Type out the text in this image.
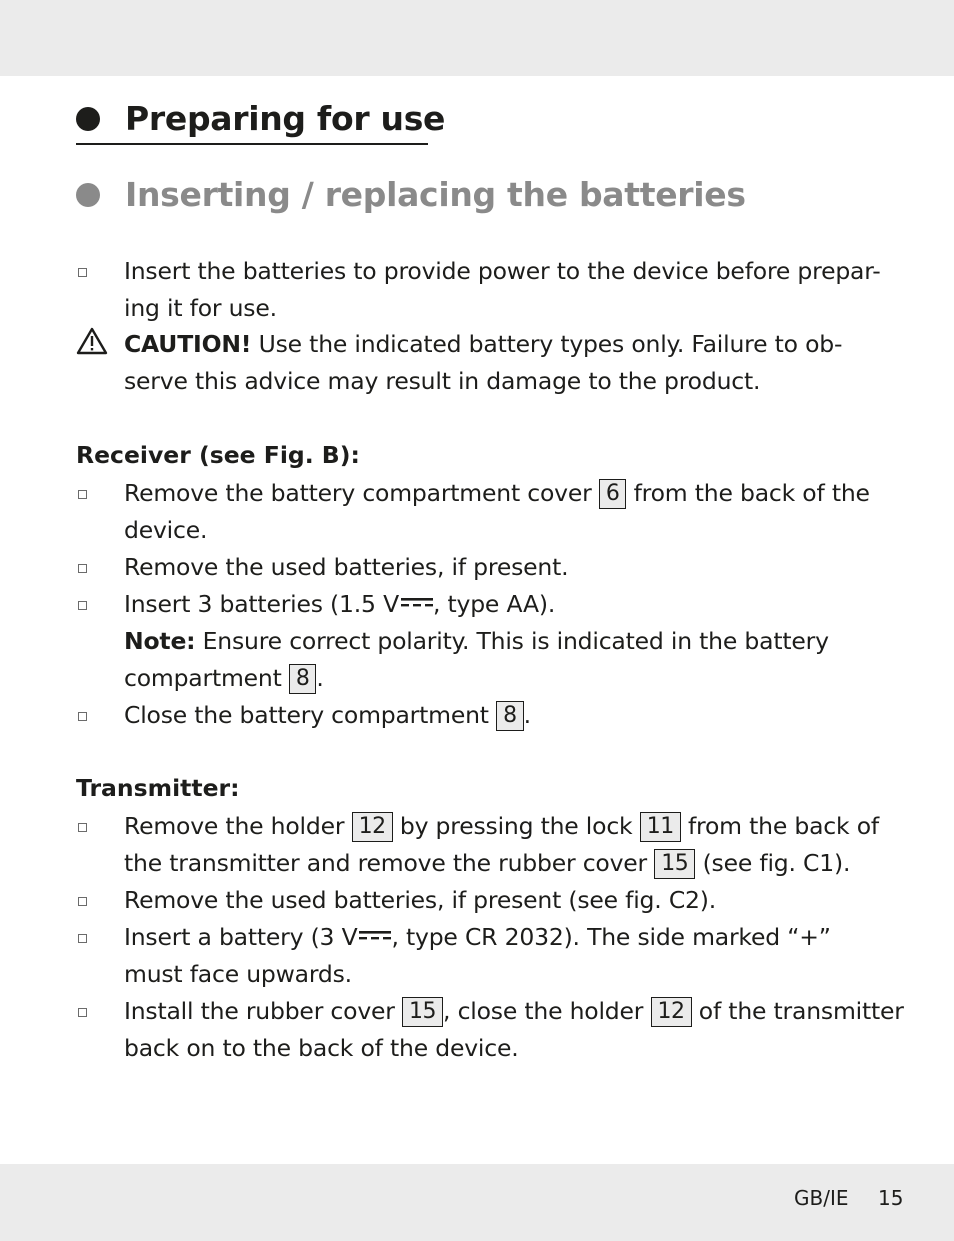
Preparing for use
Inserting / replacing the batteries
Insert the batteries to provide power to the device before prepar-
ing it for use.
CAUTION! Use the indicated battery types only. Failure to ob-
serve this advice may result in damage to the product.
Receiver (see Fig. B):
Remove the battery compartment cover 6 from the back of the
device.
Remove the used batteries, if present.
Insert 3 batteries (1.5 V , type AA).
Note: Ensure correct polarity. This is indicated in the battery
compartment 8 .
Close the battery compartment 8 .
Transmitter:
Remove the holder 12 by pressing the lock 11 from the back of
the transmitter and remove the rubber cover 15 (see fig. C1).
Remove the used batteries, if present (see fig. C2).
Insert a battery (3 V , type CR 2032). The side marked “+”
must face upwards.
Install the rubber cover 15 , close the holder 12 of the transmitter
back on to the back of the device.
GB/IE 15
